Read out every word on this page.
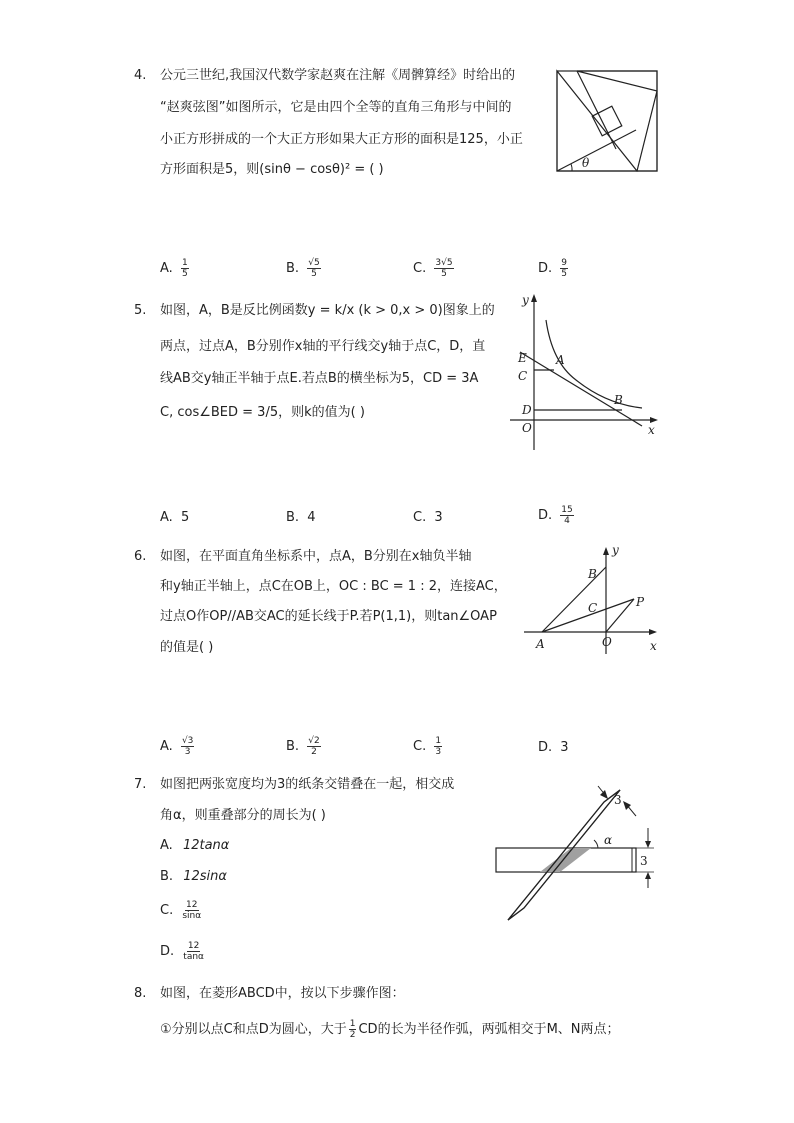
4. 公元三世纪,我国汉代数学家赵爽在注解《周髀算经》时给出的
“赵爽弦图”如图所示，它是由四个全等的直角三角形与中间的
小正方形拼成的一个大正方形如果大正方形的面积是125，小正
方形面积是5，则(sinθ − cosθ)² = ( )	θ
A. $\frac{1}{5}$	B. $\frac{√5}{5}$	C. $\frac{3√5}{5}$	D. $\frac{9}{5}$
5. 如图，A，B是反比例函数y = k/x (k > 0,x > 0)图象上的
两点，过点A，B分别作x轴的平行线交y轴于点C，D，直
线AB交y轴正半轴于点E.若点B的横坐标为5，CD = 3A
C, cos∠BED = 3/5，则k的值为( )
y
E A
C
D
B
O	x
A. 5	B. 4	C. 3	D. $\frac{15}{4}$
6. 如图，在平面直角坐标系中，点A，B分别在x轴负半轴
和y轴正半轴上，点C在OB上，OC : BC = 1 : 2，连接AC，
过点O作OP//AB交AC的延长线于P.若P(1,1)，则tan∠OAP
的值是( )
y
B
C	P
A	O	x
A. $\frac{√3}{3}$	B. $\frac{√2}{2}$	C. $\frac{1}{3}$	D. 3
7. 如图把两张宽度均为3的纸条交错叠在一起，相交成
角α，则重叠部分的周长为( )
A. 12tanα
B. 12sinα
C. $\frac{12}{\sin\alpha}$
D. $\frac{12}{\tan\alpha}$
α
3
3
8. 如图，在菱形ABCD中，按以下步骤作图：
①分别以点C和点D为圆心，大于 $\frac{1}{2}$ CD的长为半径作弧，两弧相交于M、N两点；
